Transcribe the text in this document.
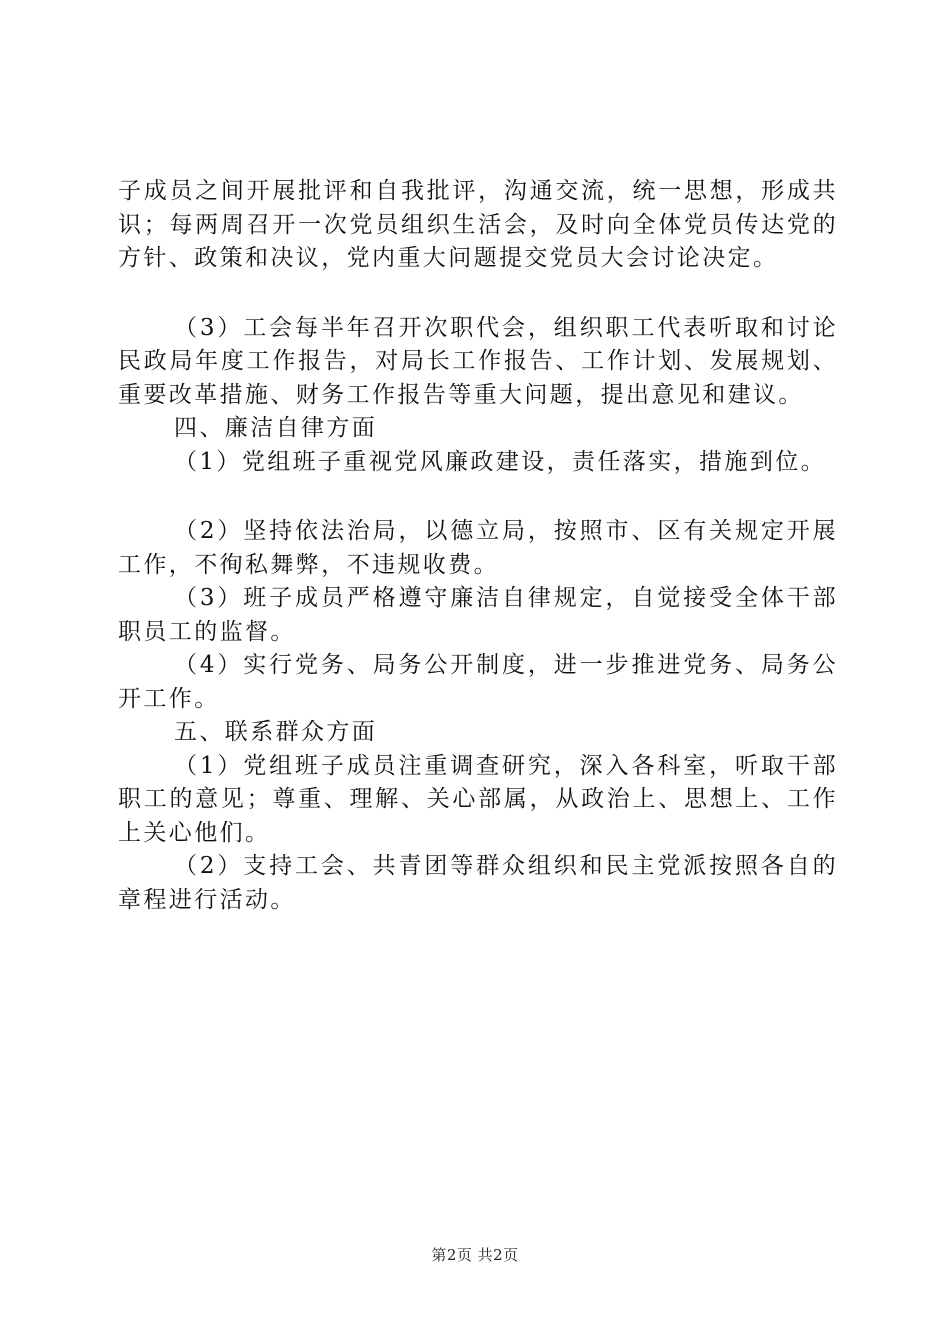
子成员之间开展批评和自我批评，沟通交流，统一思想，形成共识；每两周召开一次党员组织生活会，及时向全体党员传达党的方针、政策和决议，党内重大问题提交党员大会讨论决定。

（3）工会每半年召开次职代会，组织职工代表听取和讨论民政局年度工作报告，对局长工作报告、工作计划、发展规划、重要改革措施、财务工作报告等重大问题，提出意见和建议。

四、廉洁自律方面

（1）党组班子重视党风廉政建设，责任落实，措施到位。

（2）坚持依法治局，以德立局，按照市、区有关规定开展工作，不徇私舞弊，不违规收费。

（3）班子成员严格遵守廉洁自律规定，自觉接受全体干部职员工的监督。

（4）实行党务、局务公开制度，进一步推进党务、局务公开工作。

五、联系群众方面

（1）党组班子成员注重调查研究，深入各科室，听取干部职工的意见；尊重、理解、关心部属，从政治上、思想上、工作上关心他们。

（2）支持工会、共青团等群众组织和民主党派按照各自的章程进行活动。

第2页 共2页
